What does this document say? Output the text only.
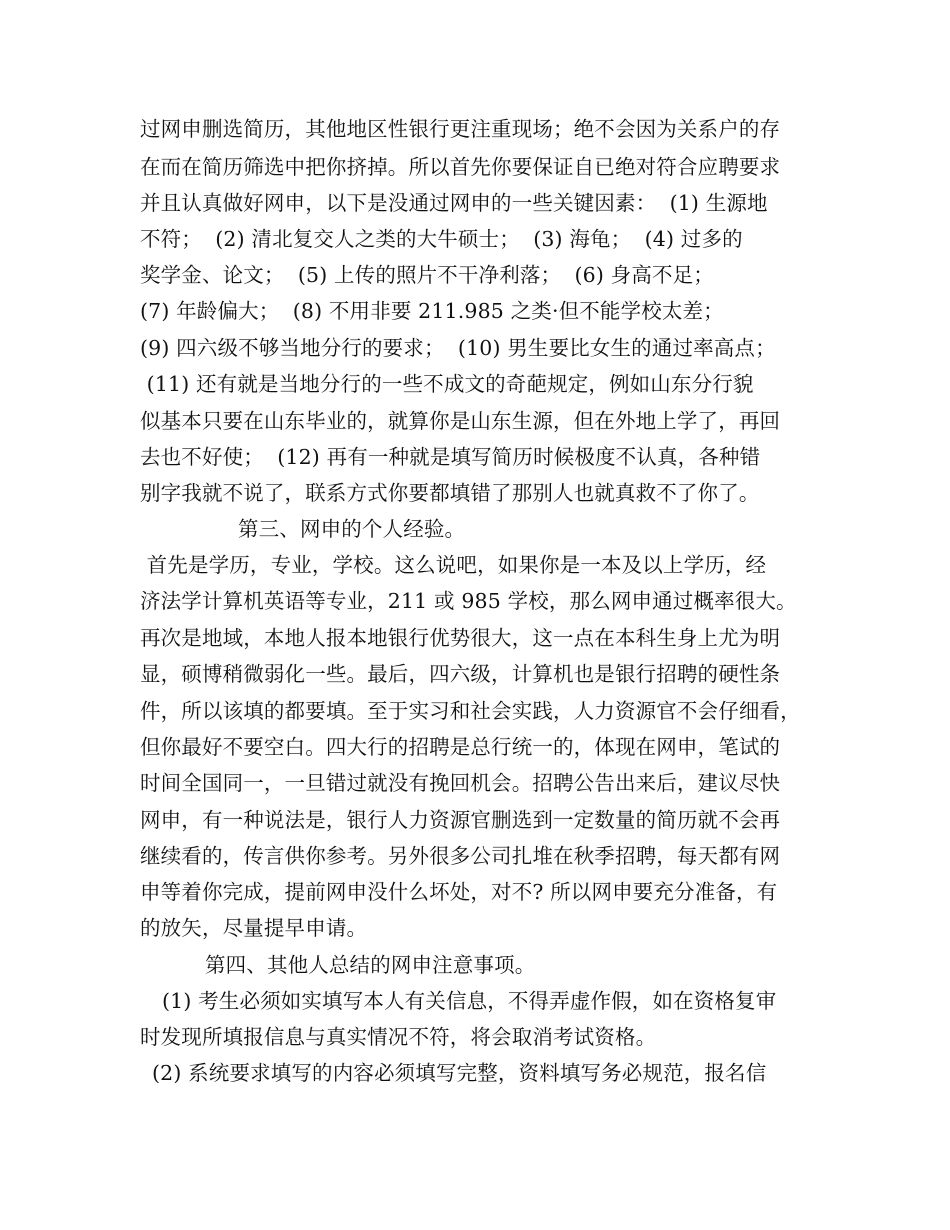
过网申删选简历，其他地区性银行更注重现场；绝不会因为关系户的存
在而在简历筛选中把你挤掉。所以首先你要保证自已绝对符合应聘要求
并且认真做好网申，以下是没通过网申的一些关键因素：  (1) 生源地
不符；  (2) 清北复交人之类的大牛硕士；  (3) 海龟；  (4) 过多的
奖学金、论文；  (5) 上传的照片不干净利落；  (6) 身高不足；
(7) 年龄偏大；  (8) 不用非要 211.985 之类·但不能学校太差；
(9) 四六级不够当地分行的要求；  (10) 男生要比女生的通过率高点；
(11) 还有就是当地分行的一些不成文的奇葩规定，例如山东分行貌
似基本只要在山东毕业的，就算你是山东生源，但在外地上学了，再回
去也不好使；  (12) 再有一种就是填写简历时候极度不认真，各种错
别字我就不说了，联系方式你要都填错了那别人也就真救不了你了。
第三、网申的个人经验。
首先是学历，专业，学校。这么说吧，如果你是一本及以上学历，经
济法学计算机英语等专业，211 或 985 学校，那么网申通过概率很大。
再次是地域，本地人报本地银行优势很大，这一点在本科生身上尤为明
显，硕博稍微弱化一些。最后，四六级，计算机也是银行招聘的硬性条
件，所以该填的都要填。至于实习和社会实践，人力资源官不会仔细看，
但你最好不要空白。四大行的招聘是总行统一的，体现在网申，笔试的
时间全国同一，一旦错过就没有挽回机会。招聘公告出来后，建议尽快
网申，有一种说法是，银行人力资源官删选到一定数量的简历就不会再
继续看的，传言供你参考。另外很多公司扎堆在秋季招聘，每天都有网
申等着你完成，提前网申没什么坏处，对不? 所以网申要充分准备，有
的放矢，尽量提早申请。
第四、其他人总结的网申注意事项。
(1) 考生必须如实填写本人有关信息，不得弄虚作假，如在资格复审
时发现所填报信息与真实情况不符，将会取消考试资格。
(2) 系统要求填写的内容必须填写完整，资料填写务必规范，报名信
